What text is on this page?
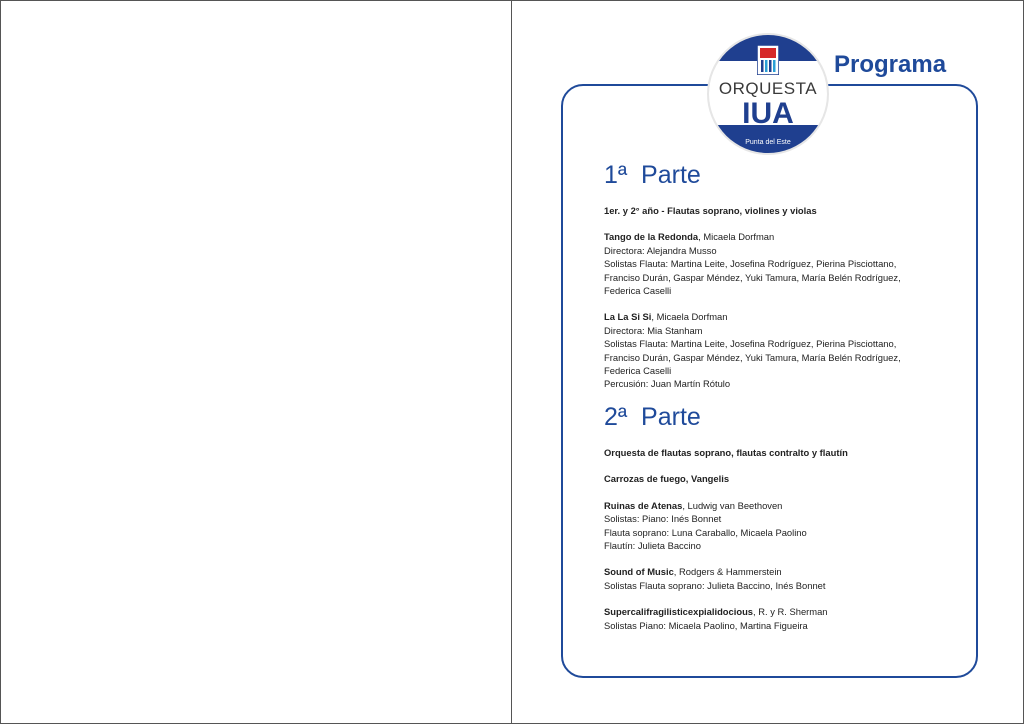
Programa
ORQUESTA
IUA
Punta del Este
1ª  Parte
1er. y 2° año - Flautas soprano, violines y violas
Tango de la Redonda, Micaela Dorfman
Directora: Alejandra Musso
Solistas Flauta: Martina Leite, Josefina Rodríguez, Pierina Pisciottano,
Franciso Durán, Gaspar Méndez, Yuki Tamura, María Belén Rodríguez,
Federica Caselli
La La Si Si, Micaela Dorfman
Directora: Mia Stanham
Solistas Flauta: Martina Leite, Josefina Rodríguez, Pierina Pisciottano,
Franciso Durán, Gaspar Méndez, Yuki Tamura, María Belén Rodríguez,
Federica Caselli
Percusión: Juan Martín Rótulo
2ª  Parte
Orquesta de flautas soprano, flautas contralto y flautín
Carrozas de fuego, Vangelis
Ruinas de Atenas, Ludwig van Beethoven
Solistas: Piano: Inés Bonnet
Flauta soprano: Luna Caraballo, Micaela Paolino
Flautín: Julieta Baccino
Sound of Music, Rodgers & Hammerstein
Solistas Flauta soprano: Julieta Baccino, Inés Bonnet
Supercalifragilisticexpialidocious, R. y R. Sherman
Solistas Piano: Micaela Paolino, Martina Figueira
